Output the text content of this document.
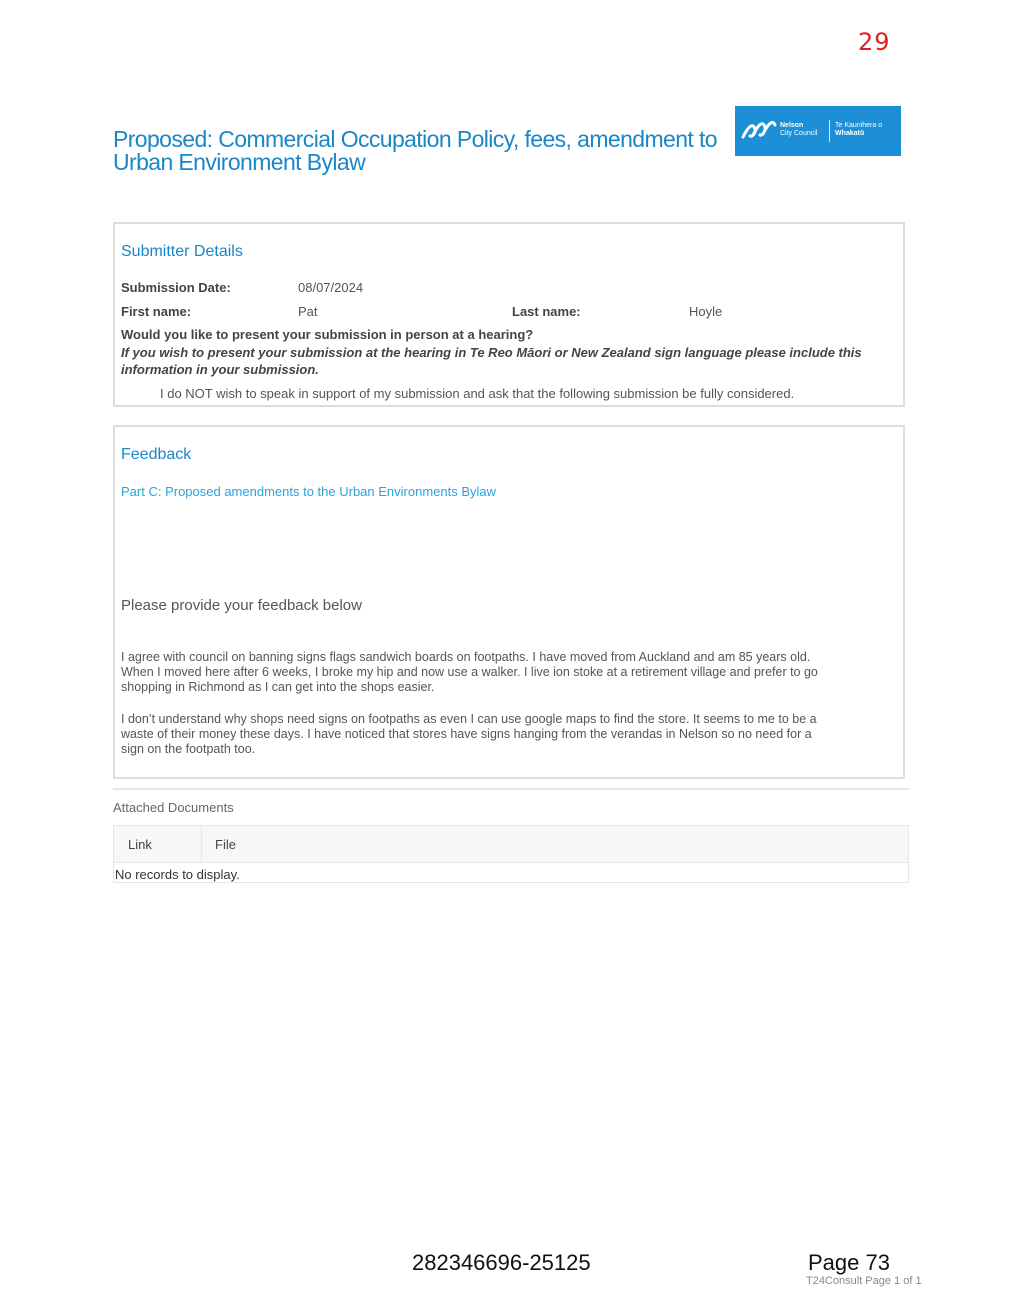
29
Proposed: Commercial Occupation Policy, fees, amendment to Urban Environment Bylaw
Nelson
City Council
Te Kaunihera o
Whakatū
Submitter Details
Submission Date:	08/07/2024
First name:	Pat	Last name:	Hoyle
Would you like to present your submission in person at a hearing?
If you wish to present your submission at the hearing in Te Reo Māori or New Zealand sign language please include this information in your submission.
I do NOT wish to speak in support of my submission and ask that the following submission be fully considered.
Feedback
Part C: Proposed amendments to the Urban Environments Bylaw
Please provide your feedback below
I agree with council on banning signs flags sandwich boards on footpaths. I have moved from Auckland and am 85 years old. When I moved here after 6 weeks, I broke my hip and now use a walker. I live ion stoke at a retirement village and prefer to go shopping in Richmond as I can get into the shops easier.
I don’t understand why shops need signs on footpaths as even I can use google maps to find the store. It seems to me to be a waste of their money these days. I have noticed that stores have signs hanging from the verandas in Nelson so no need for a sign on the footpath too.
Attached Documents
Link	File
No records to display.
282346696-25125	Page 73
T24Consult Page 1 of 1
